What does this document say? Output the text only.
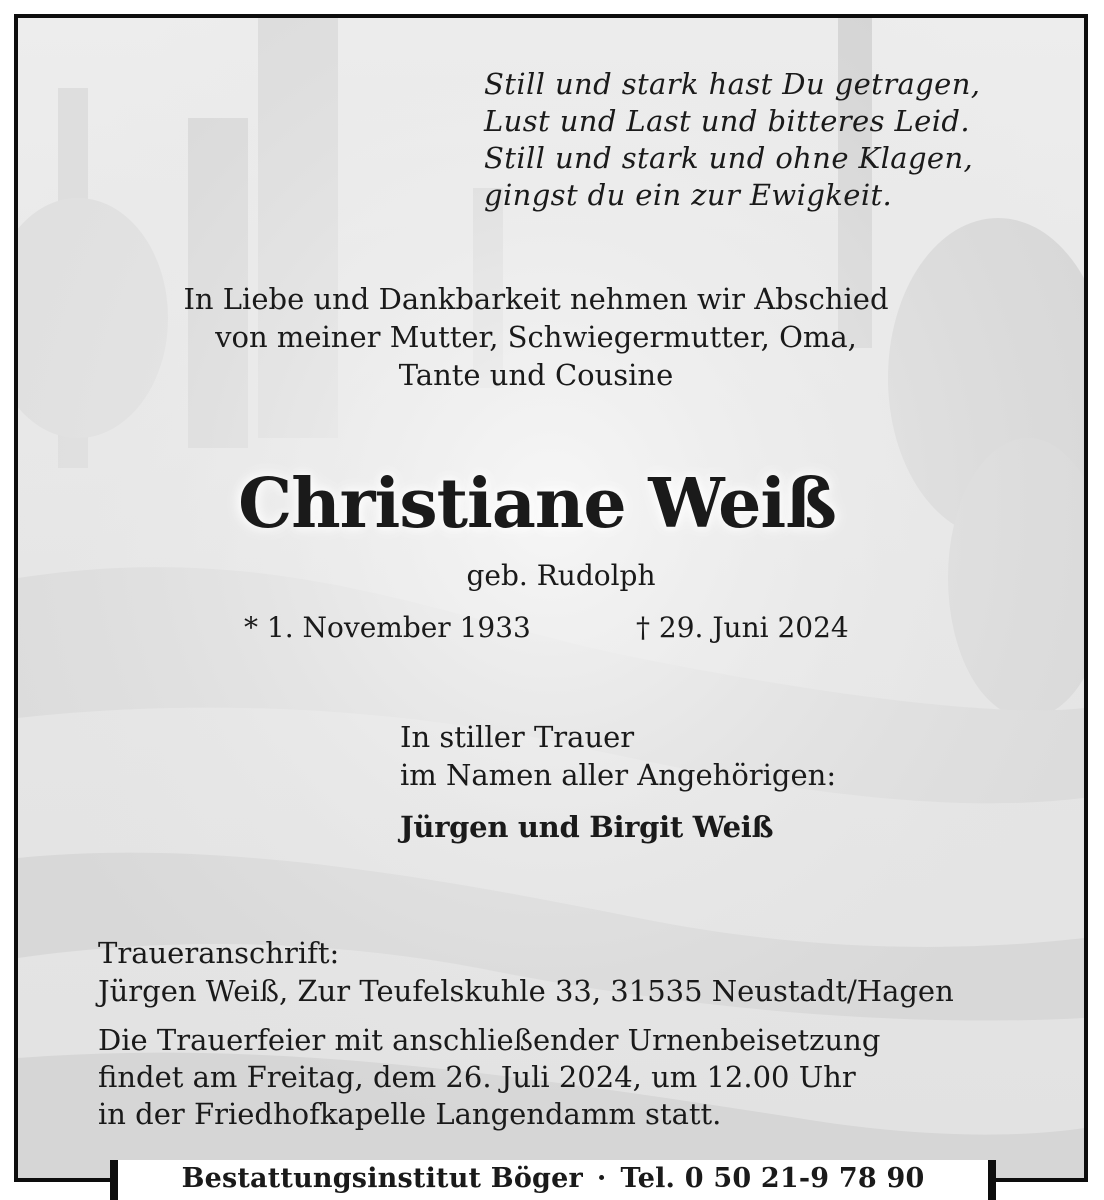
Still und stark hast Du getragen,
Lust und Last und bitteres Leid.
Still und stark und ohne Klagen,
gingst du ein zur Ewigkeit.
In Liebe und Dankbarkeit nehmen wir Abschied
von meiner Mutter, Schwiegermutter, Oma,
Tante und Cousine
Christiane Weiß
geb. Rudolph
* 1. November 1933	† 29. Juni 2024
In stiller Trauer
im Namen aller Angehörigen:
Jürgen und Birgit Weiß
Traueranschrift:
Jürgen Weiß, Zur Teufelskuhle 33, 31535 Neustadt/Hagen
Die Trauerfeier mit anschließender Urnenbeisetzung
findet am Freitag, dem 26. Juli 2024, um 12.00 Uhr
in der Friedhofkapelle Langendamm statt.
Bestattungsinstitut Böger · Tel. 0 50 21-9 78 90
